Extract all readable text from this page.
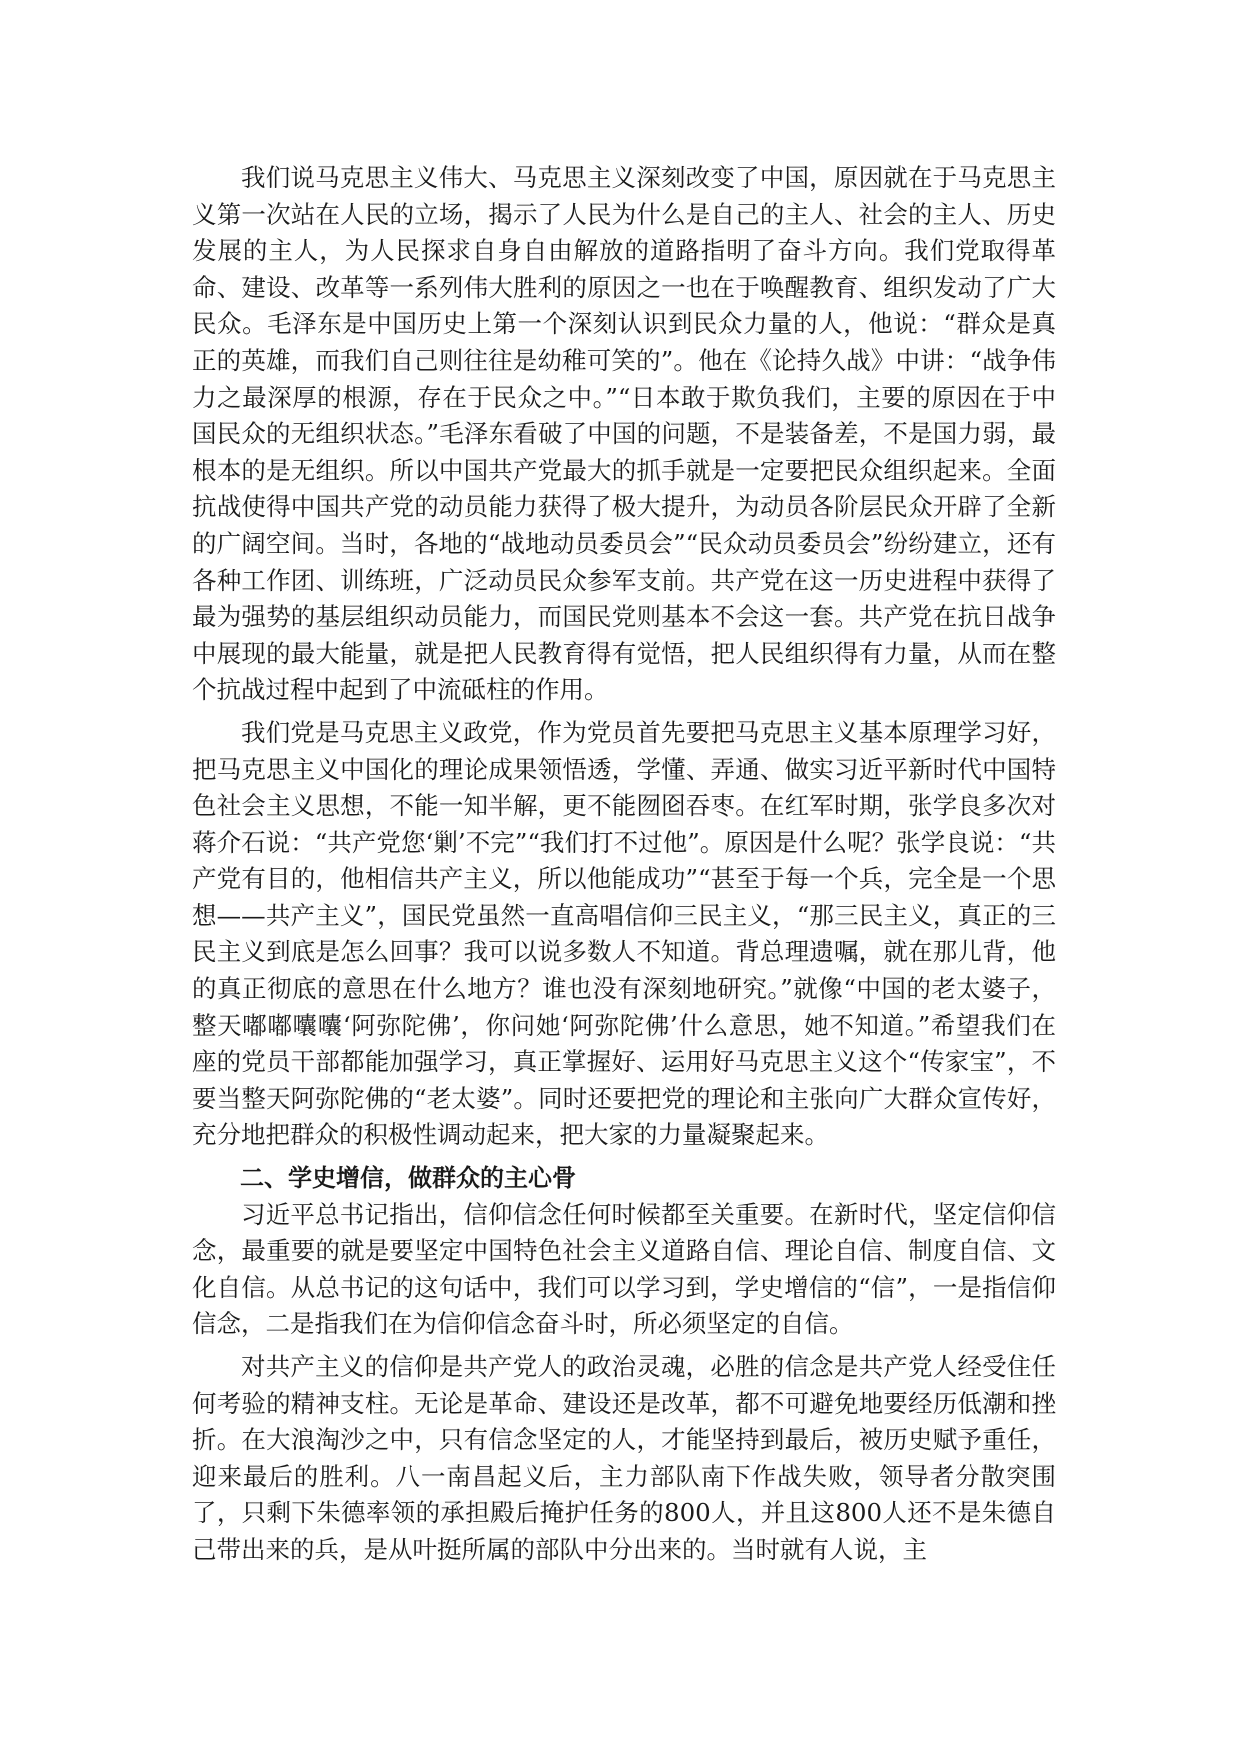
我们说马克思主义伟大、马克思主义深刻改变了中国，原因就在于马克思主义第一次站在人民的立场，揭示了人民为什么是自己的主人、社会的主人、历史发展的主人，为人民探求自身自由解放的道路指明了奋斗方向。我们党取得革命、建设、改革等一系列伟大胜利的原因之一也在于唤醒教育、组织发动了广大民众。毛泽东是中国历史上第一个深刻认识到民众力量的人，他说：“群众是真正的英雄，而我们自己则往往是幼稚可笑的”。他在《论持久战》中讲：“战争伟力之最深厚的根源，存在于民众之中。”“日本敢于欺负我们，主要的原因在于中国民众的无组织状态。”毛泽东看破了中国的问题，不是装备差，不是国力弱，最根本的是无组织。所以中国共产党最大的抓手就是一定要把民众组织起来。全面抗战使得中国共产党的动员能力获得了极大提升，为动员各阶层民众开辟了全新的广阔空间。当时，各地的“战地动员委员会”“民众动员委员会”纷纷建立，还有各种工作团、训练班，广泛动员民众参军支前。共产党在这一历史进程中获得了最为强势的基层组织动员能力，而国民党则基本不会这一套。共产党在抗日战争中展现的最大能量，就是把人民教育得有觉悟，把人民组织得有力量，从而在整个抗战过程中起到了中流砥柱的作用。

我们党是马克思主义政党，作为党员首先要把马克思主义基本原理学习好，把马克思主义中国化的理论成果领悟透，学懂、弄通、做实习近平新时代中国特色社会主义思想，不能一知半解，更不能囫囵吞枣。在红军时期，张学良多次对蒋介石说：“共产党您‘剿’不完”“我们打不过他”。原因是什么呢？张学良说：“共产党有目的，他相信共产主义，所以他能成功”“甚至于每一个兵，完全是一个思想——共产主义”，国民党虽然一直高唱信仰三民主义，“那三民主义，真正的三民主义到底是怎么回事？我可以说多数人不知道。背总理遗嘱，就在那儿背，他的真正彻底的意思在什么地方？谁也没有深刻地研究。”就像“中国的老太婆子，整天嘟嘟囔囔‘阿弥陀佛’，你问她‘阿弥陀佛’什么意思，她不知道。”希望我们在座的党员干部都能加强学习，真正掌握好、运用好马克思主义这个“传家宝”，不要当整天阿弥陀佛的“老太婆”。同时还要把党的理论和主张向广大群众宣传好，充分地把群众的积极性调动起来，把大家的力量凝聚起来。

二、学史增信，做群众的主心骨

习近平总书记指出，信仰信念任何时候都至关重要。在新时代，坚定信仰信念，最重要的就是要坚定中国特色社会主义道路自信、理论自信、制度自信、文化自信。从总书记的这句话中，我们可以学习到，学史增信的“信”，一是指信仰信念，二是指我们在为信仰信念奋斗时，所必须坚定的自信。

对共产主义的信仰是共产党人的政治灵魂，必胜的信念是共产党人经受住任何考验的精神支柱。无论是革命、建设还是改革，都不可避免地要经历低潮和挫折。在大浪淘沙之中，只有信念坚定的人，才能坚持到最后，被历史赋予重任，迎来最后的胜利。八一南昌起义后，主力部队南下作战失败，领导者分散突围了，只剩下朱德率领的承担殿后掩护任务的800人，并且这800人还不是朱德自己带出来的兵，是从叶挺所属的部队中分出来的。当时就有人说，主
